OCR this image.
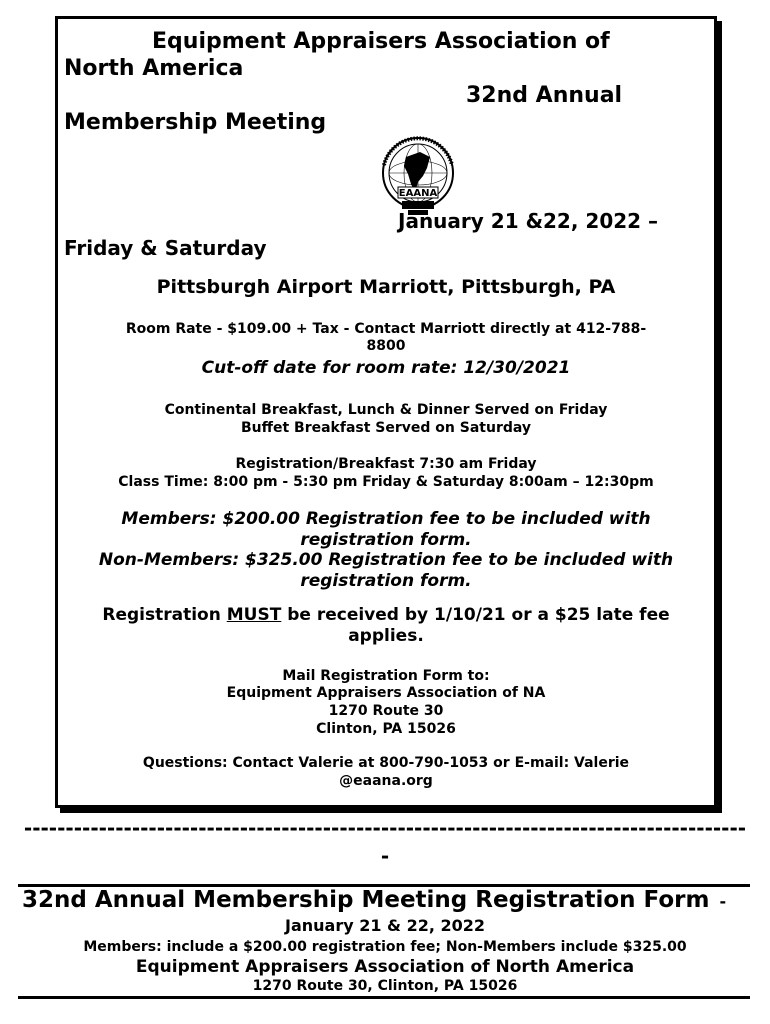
Equipment Appraisers Association of
North America
32nd Annual
Membership Meeting
EAANA
January 21 &22, 2022 –
Friday & Saturday
Pittsburgh Airport Marriott, Pittsburgh, PA
Room Rate - $109.00 + Tax - Contact Marriott directly at 412-788-
8800
Cut-off date for room rate: 12/30/2021
Continental Breakfast, Lunch & Dinner Served on Friday
Buffet Breakfast Served on Saturday
Registration/Breakfast 7:30 am Friday
Class Time: 8:00 pm - 5:30 pm Friday & Saturday 8:00am – 12:30pm
Members: $200.00 Registration fee to be included with
registration form.
Non-Members: $325.00 Registration fee to be included with
registration form.
Registration MUST be received by 1/10/21 or a $25 late fee
applies.
Mail Registration Form to:
Equipment Appraisers Association of NA
1270 Route 30
Clinton, PA 15026
Questions: Contact Valerie at 800-790-1053 or E-mail: Valerie
@eaana.org
---------------------------------------------------------------------------------------
-
32nd Annual Membership Meeting Registration Form -
January 21 & 22, 2022
Members: include a $200.00 registration fee; Non-Members include $325.00
Equipment Appraisers Association of North America
1270 Route 30, Clinton, PA 15026
